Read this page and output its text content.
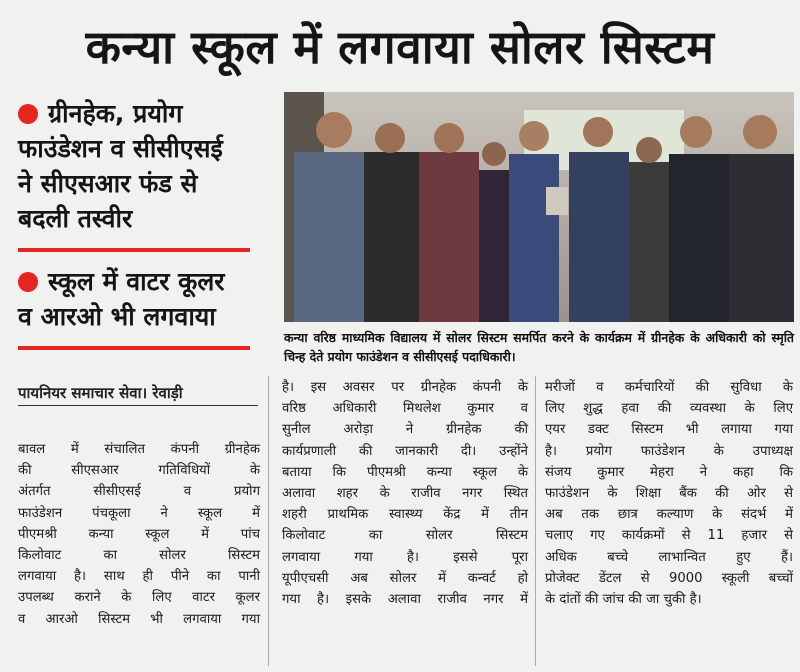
कन्या स्कूल में लगवाया सोलर सिस्टम
ग्रीनहेक, प्रयोग
फाउंडेशन व सीसीएसई
ने सीएसआर फंड से
बदली तस्वीर
स्कूल में वाटर कूलर
व आरओ भी लगवाया
पायनियर समाचार सेवा। रेवाड़ी
कन्या वरिष्ठ माध्यमिक विद्यालय में सोलर सिस्टम समर्पित करने के कार्यक्रम में ग्रीनहेक के अधिकारी को स्मृति चिन्ह देते प्रयोग फाउंडेशन व सीसीएसई पदाधिकारी।
बावल में संचालित कंपनी ग्रीनहेक
की सीएसआर गतिविधियों के
अंतर्गत सीसीएसई व प्रयोग
फाउंडेशन पंचकूला ने स्कूल में
पीएमश्री कन्या स्कूल में पांच
किलोवाट का सोलर सिस्टम
लगवाया है। साथ ही पीने का पानी
उपलब्ध कराने के लिए वाटर कूलर
व आरओ सिस्टम भी लगवाया गया
है। इस अवसर पर ग्रीनहेक कंपनी के
वरिष्ठ अधिकारी मिथलेश कुमार व
सुनील अरोड़ा ने ग्रीनहेक की
कार्यप्रणाली की जानकारी दी। उन्होंने
बताया कि पीएमश्री कन्या स्कूल के
अलावा शहर के राजीव नगर स्थित
शहरी प्राथमिक स्वास्थ्य केंद्र में तीन
किलोवाट का सोलर सिस्टम
लगवाया गया है। इससे पूरा
यूपीएचसी अब सोलर में कन्वर्ट हो
गया है। इसके अलावा राजीव नगर में
मरीजों व कर्मचारियों की सुविधा के
लिए शुद्ध हवा की व्यवस्था के लिए
एयर डक्ट सिस्टम भी लगाया गया
है। प्रयोग फाउंडेशन के उपाध्यक्ष
संजय कुमार मेहरा ने कहा कि
फाउंडेशन के शिक्षा बैंक की ओर से
अब तक छात्र कल्याण के संदर्भ में
चलाए गए कार्यक्रमों से 11 हजार से
अधिक बच्चे लाभान्वित हुए हैं।
प्रोजेक्ट डेंटल से 9000 स्कूली बच्चों
के दांतों की जांच की जा चुकी है।
